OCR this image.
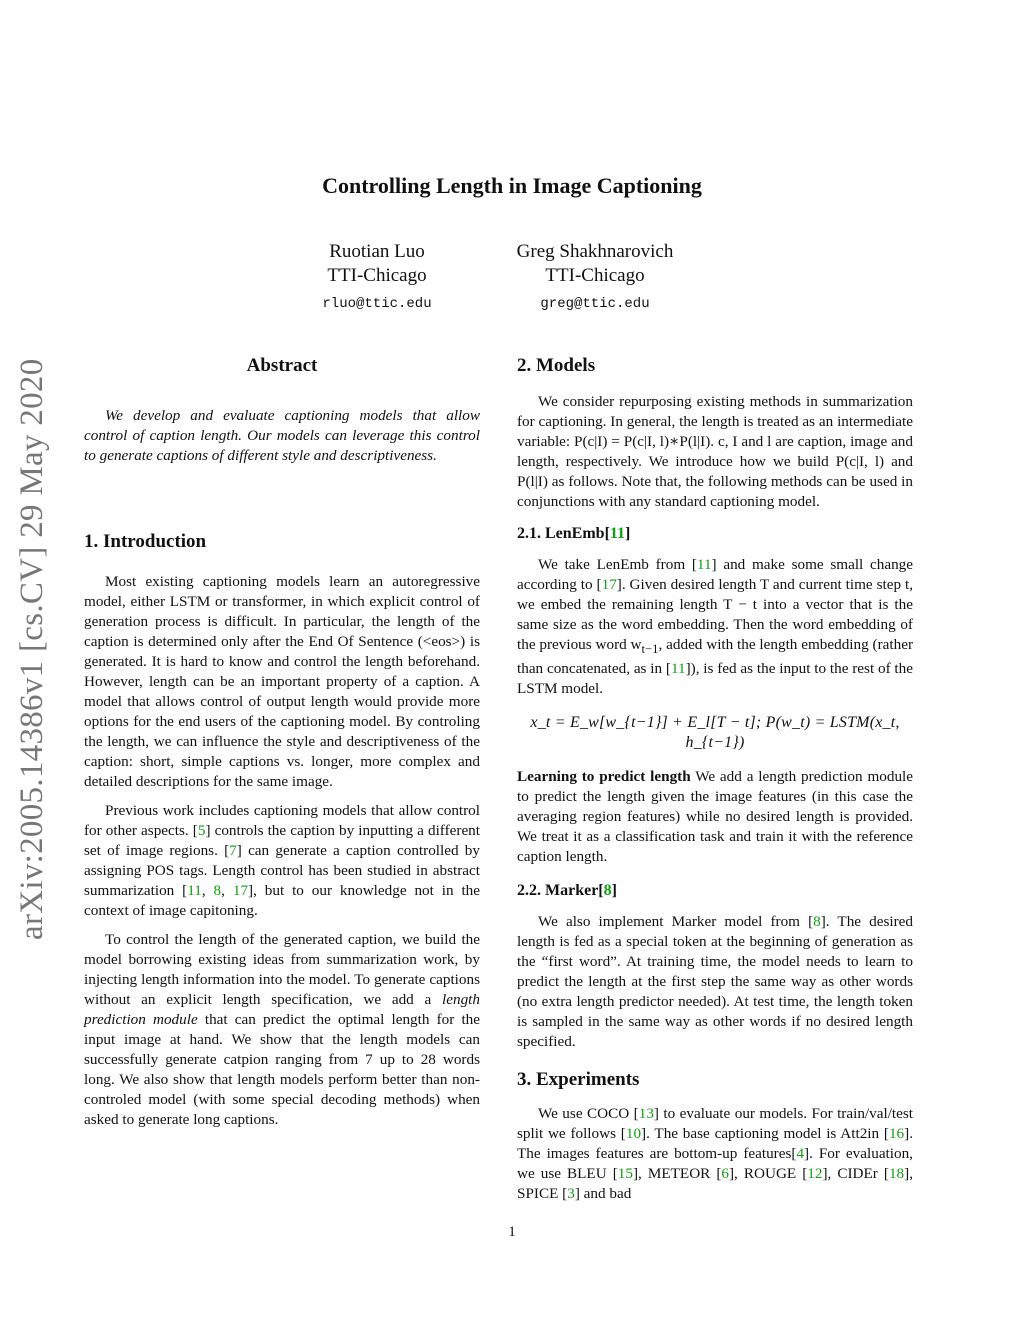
Controlling Length in Image Captioning
Ruotian Luo
TTI-Chicago
rluo@ttic.edu
Greg Shakhnarovich
TTI-Chicago
greg@ttic.edu
arXiv:2005.14386v1 [cs.CV] 29 May 2020	Abstract

We develop and evaluate captioning models that allow control of caption length. Our models can leverage this control to generate captions of different style and descriptiveness.

1. Introduction

Most existing captioning models learn an autoregressive model, either LSTM or transformer, in which explicit control of generation process is difficult. In particular, the length of the caption is determined only after the End Of Sentence (<eos>) is generated. It is hard to know and control the length beforehand. However, length can be an important property of a caption. A model that allows control of output length would provide more options for the end users of the captioning model. By controling the length, we can influence the style and descriptiveness of the caption: short, simple captions vs. longer, more complex and detailed descriptions for the same image.

Previous work includes captioning models that allow control for other aspects. [5] controls the caption by inputting a different set of image regions. [7] can generate a caption controlled by assigning POS tags. Length control has been studied in abstract summarization [11, 8, 17], but to our knowledge not in the context of image capitoning.

To control the length of the generated caption, we build the model borrowing existing ideas from summarization work, by injecting length information into the model. To generate captions without an explicit length specification, we add a length prediction module that can predict the optimal length for the input image at hand. We show that the length models can successfully generate catpion ranging from 7 up to 28 words long. We also show that length models perform better than non-controled model (with some special decoding methods) when asked to generate long captions.

2. Models

We consider repurposing existing methods in summarization for captioning. In general, the length is treated as an intermediate variable: P(c|I) = P(c|I, l)∗P(l|I). c, I and l are caption, image and length, respectively. We introduce how we build P(c|I, l) and P(l|I) as follows. Note that, the following methods can be used in conjunctions with any standard captioning model.

2.1. LenEmb[11]

We take LenEmb from [11] and make some small change according to [17]. Given desired length T and current time step t, we embed the remaining length T − t into a vector that is the same size as the word embedding. Then the word embedding of the previous word $w_{t-1}$, added with the length embedding (rather than concatenated, as in [11]), is fed as the input to the rest of the LSTM model.

x_t = E_w[w_{t−1}] + E_l[T − t]; P(w_t) = LSTM(x_t, h_{t−1})

Learning to predict length We add a length prediction module to predict the length given the image features (in this case the averaging region features) while no desired length is provided. We treat it as a classification task and train it with the reference caption length.

2.2. Marker[8]

We also implement Marker model from [8]. The desired length is fed as a special token at the beginning of generation as the “first word”. At training time, the model needs to learn to predict the length at the first step the same way as other words (no extra length predictor needed). At test time, the length token is sampled in the same way as other words if no desired length specified.

3. Experiments

We use COCO [13] to evaluate our models. For train/val/test split we follows [10]. The base captioning model is Att2in [16]. The images features are bottom-up features[4]. For evaluation, we use BLEU [15], METEOR [6], ROUGE [12], CIDEr [18], SPICE [3] and bad

1
